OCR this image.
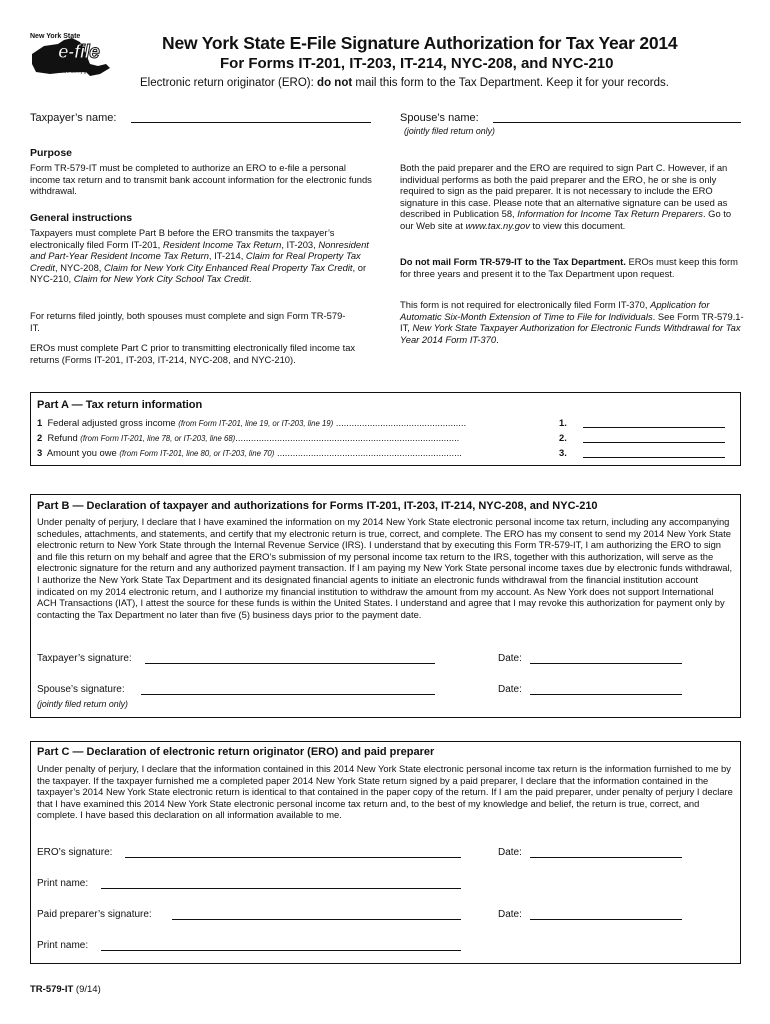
New York State
e-file
www.tax.ny.gov
New York State E-File Signature Authorization for Tax Year 2014
For Forms IT-201, IT-203, IT-214, NYC-208, and NYC-210
Electronic return originator (ERO): do not mail this form to the Tax Department. Keep it for your records.
Taxpayer’s name:	Spouse’s name:
(jointly filed return only)
Purpose
Form TR-579-IT must be completed to authorize an ERO to e-file a personal income tax return and to transmit bank account information for the electronic funds withdrawal.
General instructions
Taxpayers must complete Part B before the ERO transmits the taxpayer’s electronically filed Form IT-201, Resident Income Tax Return, IT-203, Nonresident and Part-Year Resident Income Tax Return, IT-214, Claim for Real Property Tax Credit, NYC-208, Claim for New York City Enhanced Real Property Tax Credit, or NYC-210, Claim for New York City School Tax Credit.
For returns filed jointly, both spouses must complete and sign Form TR-579-IT.
EROs must complete Part C prior to transmitting electronically filed income tax returns (Forms IT-201, IT-203, IT-214, NYC-208, and NYC-210).
Both the paid preparer and the ERO are required to sign Part C. However, if an individual performs as both the paid preparer and the ERO, he or she is only required to sign as the paid preparer. It is not necessary to include the ERO signature in this case. Please note that an alternative signature can be used as described in Publication 58, Information for Income Tax Return Preparers. Go to our Web site at www.tax.ny.gov to view this document.
Do not mail Form TR-579-IT to the Tax Department. EROs must keep this form for three years and present it to the Tax Department upon request.
This form is not required for electronically filed Form IT-370, Application for Automatic Six-Month Extension of Time to File for Individuals. See Form TR-579.1-IT, New York State Taxpayer Authorization for Electronic Funds Withdrawal for Tax Year 2014 Form IT-370.
Part A — Tax return information
1 Federal adjusted gross income (from Form IT-201, line 19, or IT-203, line 19) ..................................................	1.
2 Refund (from Form IT-201, line 78, or IT-203, line 68)......................................................................................	2.
3 Amount you owe (from Form IT-201, line 80, or IT-203, line 70) .......................................................................	3.
Part B — Declaration of taxpayer and authorizations for Forms IT-201, IT-203, IT-214, NYC-208, and NYC-210
Under penalty of perjury, I declare that I have examined the information on my 2014 New York State electronic personal income tax return, including any accompanying schedules, attachments, and statements, and certify that my electronic return is true, correct, and complete. The ERO has my consent to send my 2014 New York State electronic return to New York State through the Internal Revenue Service (IRS). I understand that by executing this Form TR-579-IT, I am authorizing the ERO to sign and file this return on my behalf and agree that the ERO’s submission of my personal income tax return to the IRS, together with this authorization, will serve as the electronic signature for the return and any authorized payment transaction. If I am paying my New York State personal income taxes due by electronic funds withdrawal, I authorize the New York State Tax Department and its designated financial agents to initiate an electronic funds withdrawal from the financial institution account indicated on my 2014 electronic return, and I authorize my financial institution to withdraw the amount from my account. As New York does not support International ACH Transactions (IAT), I attest the source for these funds is within the United States. I understand and agree that I may revoke this authorization for payment only by contacting the Tax Department no later than five (5) business days prior to the payment date.
Taxpayer’s signature:	Date:
Spouse’s signature:	Date:
(jointly filed return only)
Part C — Declaration of electronic return originator (ERO) and paid preparer
Under penalty of perjury, I declare that the information contained in this 2014 New York State electronic personal income tax return is the information furnished to me by the taxpayer. If the taxpayer furnished me a completed paper 2014 New York State return signed by a paid preparer, I declare that the information contained in the taxpayer’s 2014 New York State electronic return is identical to that contained in the paper copy of the return. If I am the paid preparer, under penalty of perjury I declare that I have examined this 2014 New York State electronic personal income tax return and, to the best of my knowledge and belief, the return is true, correct, and complete. I have based this declaration on all information available to me.
ERO’s signature:	Date:
Print name:
Paid preparer’s signature:	Date:
Print name:
TR-579-IT (9/14)
